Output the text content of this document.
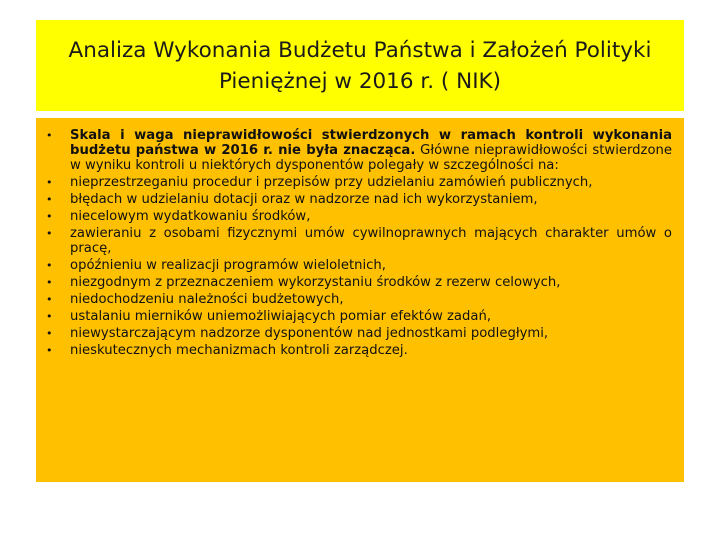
Analiza Wykonania Budżetu Państwa i Założeń Polityki
Pieniężnej w 2016 r. ( NIK)
• Skala i waga nieprawidłowości stwierdzonych w ramach kontroli wykonania budżetu państwa w 2016 r. nie była znacząca. Główne nieprawidłowości stwierdzone w wyniku kontroli u niektórych dysponentów polegały w szczególności na:
• nieprzestrzeganiu procedur i przepisów przy udzielaniu zamówień publicznych,
• błędach w udzielaniu dotacji oraz w nadzorze nad ich wykorzystaniem,
• niecelowym wydatkowaniu środków,
• zawieraniu z osobami fizycznymi umów cywilnoprawnych mających charakter umów o pracę,
• opóźnieniu w realizacji programów wieloletnich,
• niezgodnym z przeznaczeniem wykorzystaniu środków z rezerw celowych,
• niedochodzeniu należności budżetowych,
• ustalaniu mierników uniemożliwiających pomiar efektów zadań,
• niewystarczającym nadzorze dysponentów nad jednostkami podległymi,
• nieskutecznych mechanizmach kontroli zarządczej.
